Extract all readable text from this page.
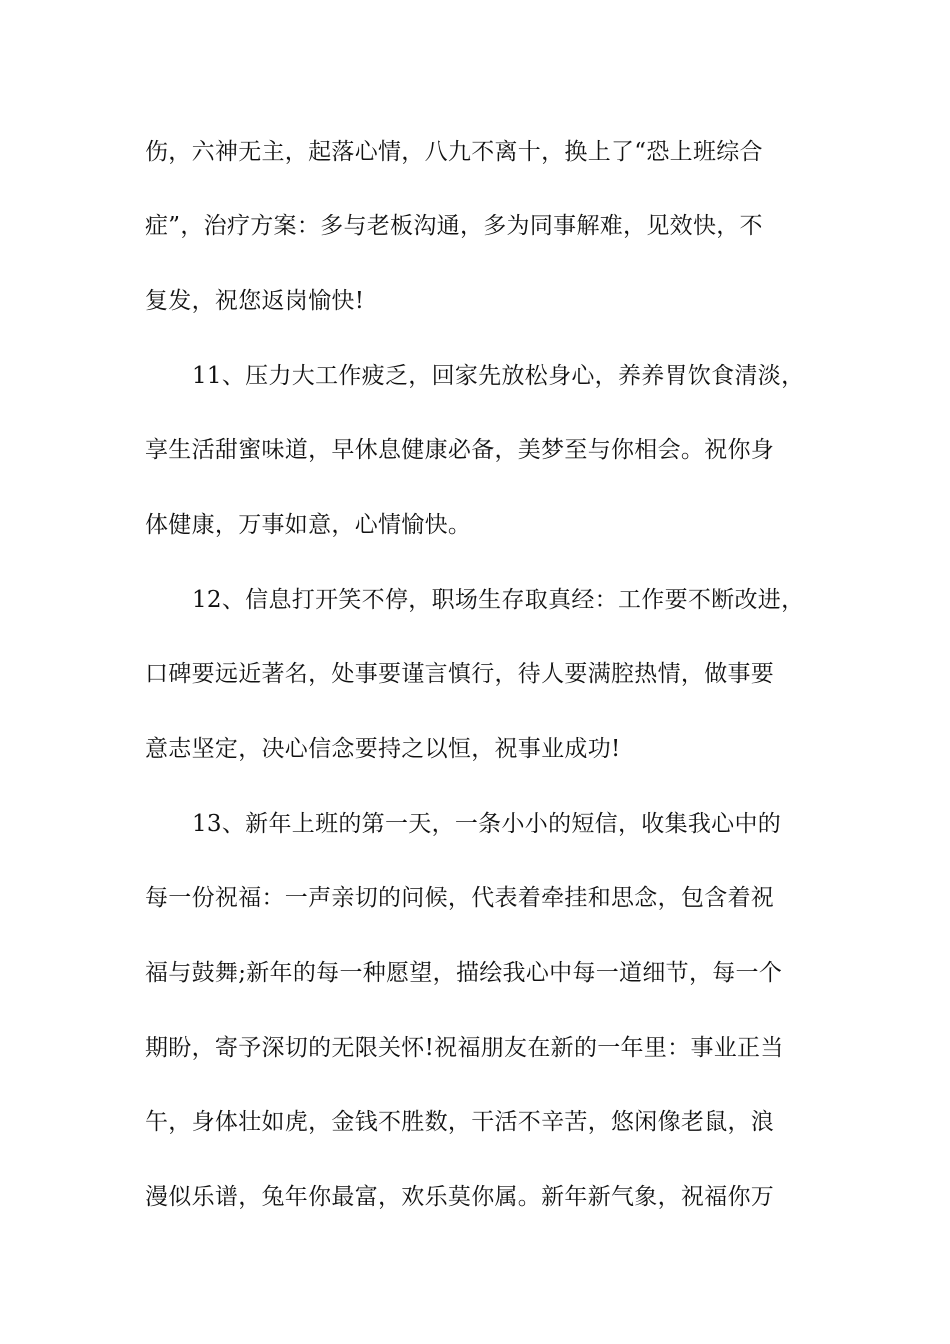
伤，六神无主，起落心情，八九不离十，换上了“恐上班综合
症”，治疗方案：多与老板沟通，多为同事解难，见效快，不
复发，祝您返岗愉快!
11、压力大工作疲乏，回家先放松身心，养养胃饮食清淡，
享生活甜蜜味道，早休息健康必备，美梦至与你相会。祝你身
体健康，万事如意，心情愉快。
12、信息打开笑不停，职场生存取真经：工作要不断改进，
口碑要远近著名，处事要谨言慎行，待人要满腔热情，做事要
意志坚定，决心信念要持之以恒，祝事业成功!
13、新年上班的第一天，一条小小的短信，收集我心中的
每一份祝福：一声亲切的问候，代表着牵挂和思念，包含着祝
福与鼓舞;新年的每一种愿望，描绘我心中每一道细节，每一个
期盼，寄予深切的无限关怀!祝福朋友在新的一年里：事业正当
午，身体壮如虎，金钱不胜数，干活不辛苦，悠闲像老鼠，浪
漫似乐谱，兔年你最富，欢乐莫你属。新年新气象，祝福你万
